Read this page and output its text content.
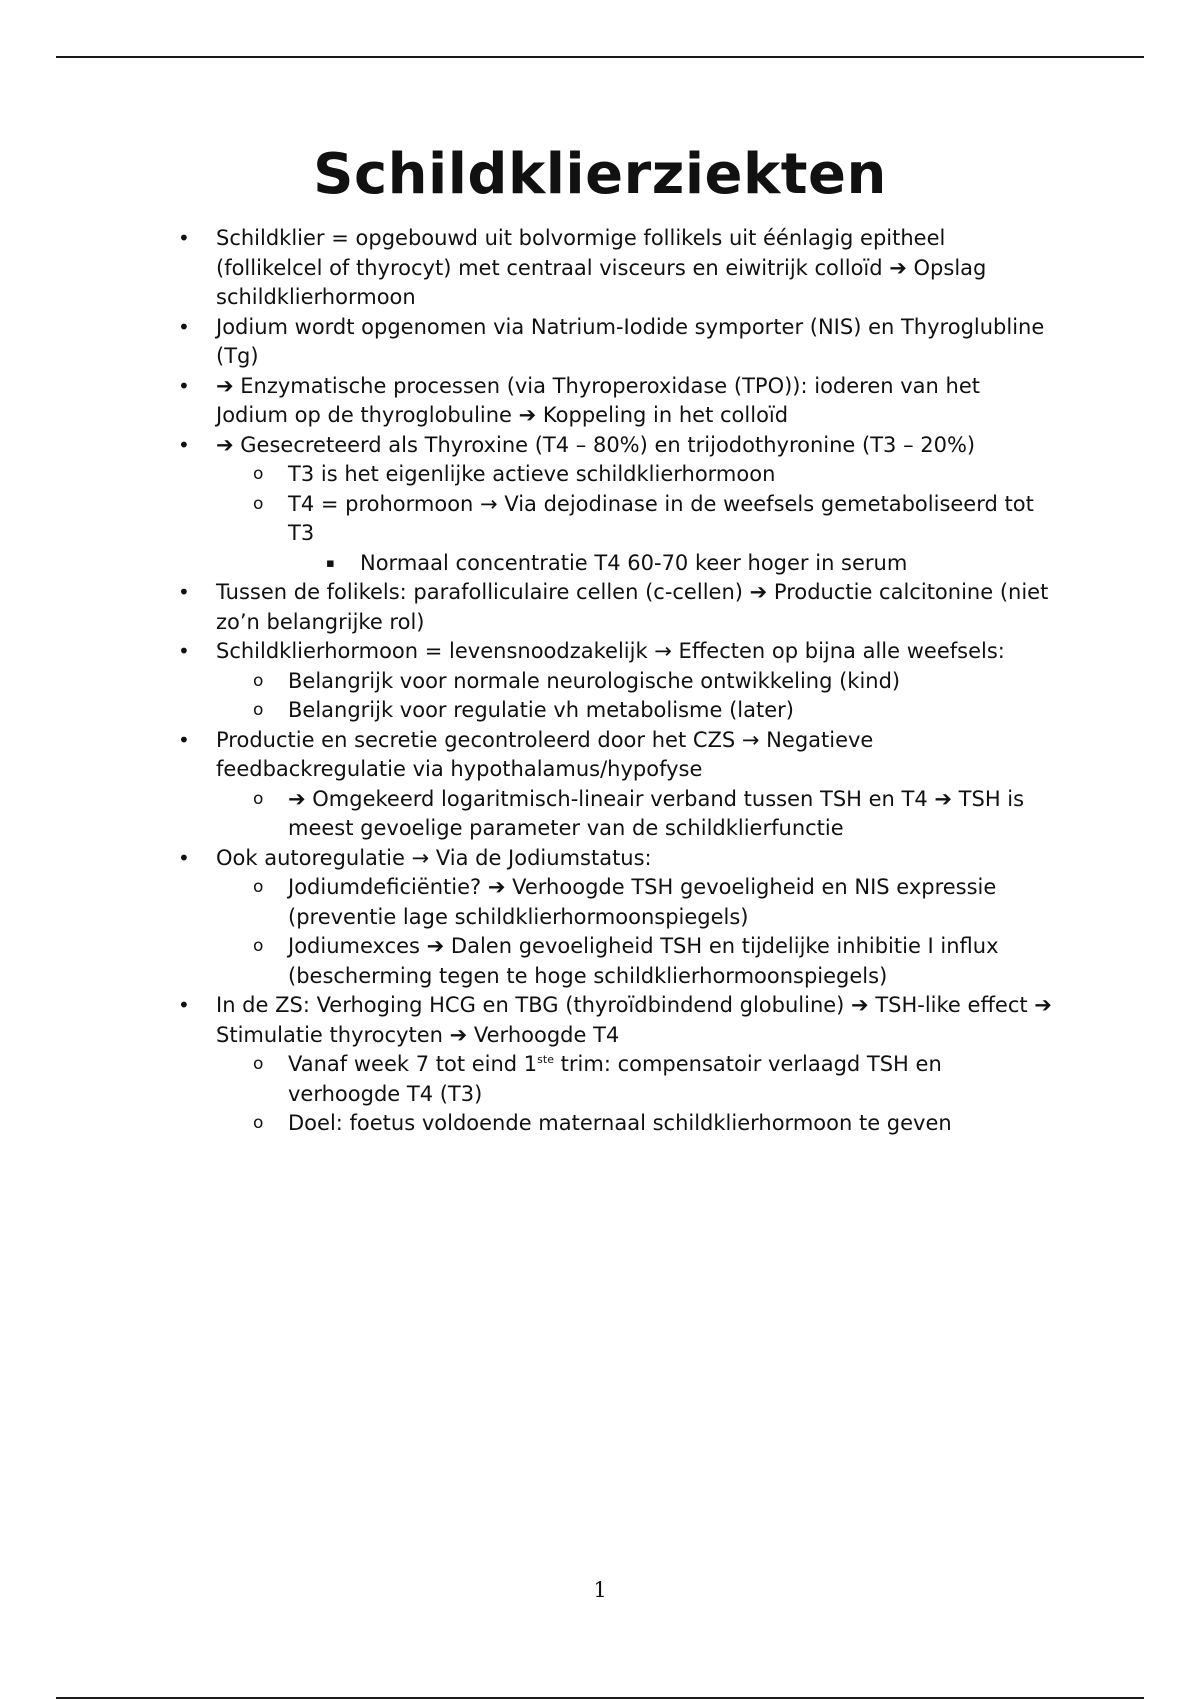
Schildklierziekten
• Schildklier = opgebouwd uit bolvormige follikels uit éénlagig epitheel (follikelcel of thyrocyt) met centraal visceurs en eiwitrijk colloïd ➔ Opslag schildklierhormoon
• Jodium wordt opgenomen via Natrium-Iodide symporter (NIS) en Thyroglubline (Tg)
• ➔ Enzymatische processen (via Thyroperoxidase (TPO)): ioderen van het Jodium op de thyroglobuline ➔ Koppeling in het colloïd
• ➔ Gesecreteerd als Thyroxine (T4 – 80%) en trijodothyronine (T3 – 20%)
o T3 is het eigenlijke actieve schildklierhormoon
o T4 = prohormoon → Via dejodinase in de weefsels gemetaboliseerd tot T3
▪ Normaal concentratie T4 60-70 keer hoger in serum
• Tussen de folikels: parafolliculaire cellen (c-cellen) ➔ Productie calcitonine (niet zo’n belangrijke rol)
• Schildklierhormoon = levensnoodzakelijk → Effecten op bijna alle weefsels:
o Belangrijk voor normale neurologische ontwikkeling (kind)
o Belangrijk voor regulatie vh metabolisme (later)
• Productie en secretie gecontroleerd door het CZS → Negatieve feedbackregulatie via hypothalamus/hypofyse
o ➔ Omgekeerd logaritmisch-lineair verband tussen TSH en T4 ➔ TSH is meest gevoelige parameter van de schildklierfunctie
• Ook autoregulatie → Via de Jodiumstatus:
o Jodiumdeficiëntie? ➔ Verhoogde TSH gevoeligheid en NIS expressie (preventie lage schildklierhormoonspiegels)
o Jodiumexces ➔ Dalen gevoeligheid TSH en tijdelijke inhibitie I influx (bescherming tegen te hoge schildklierhormoonspiegels)
• In de ZS: Verhoging HCG en TBG (thyroïdbindend globuline) ➔ TSH-like effect ➔ Stimulatie thyrocyten ➔ Verhoogde T4
o Vanaf week 7 tot eind 1ste trim: compensatoir verlaagd TSH en verhoogde T4 (T3)
o Doel: foetus voldoende maternaal schildklierhormoon te geven
1
